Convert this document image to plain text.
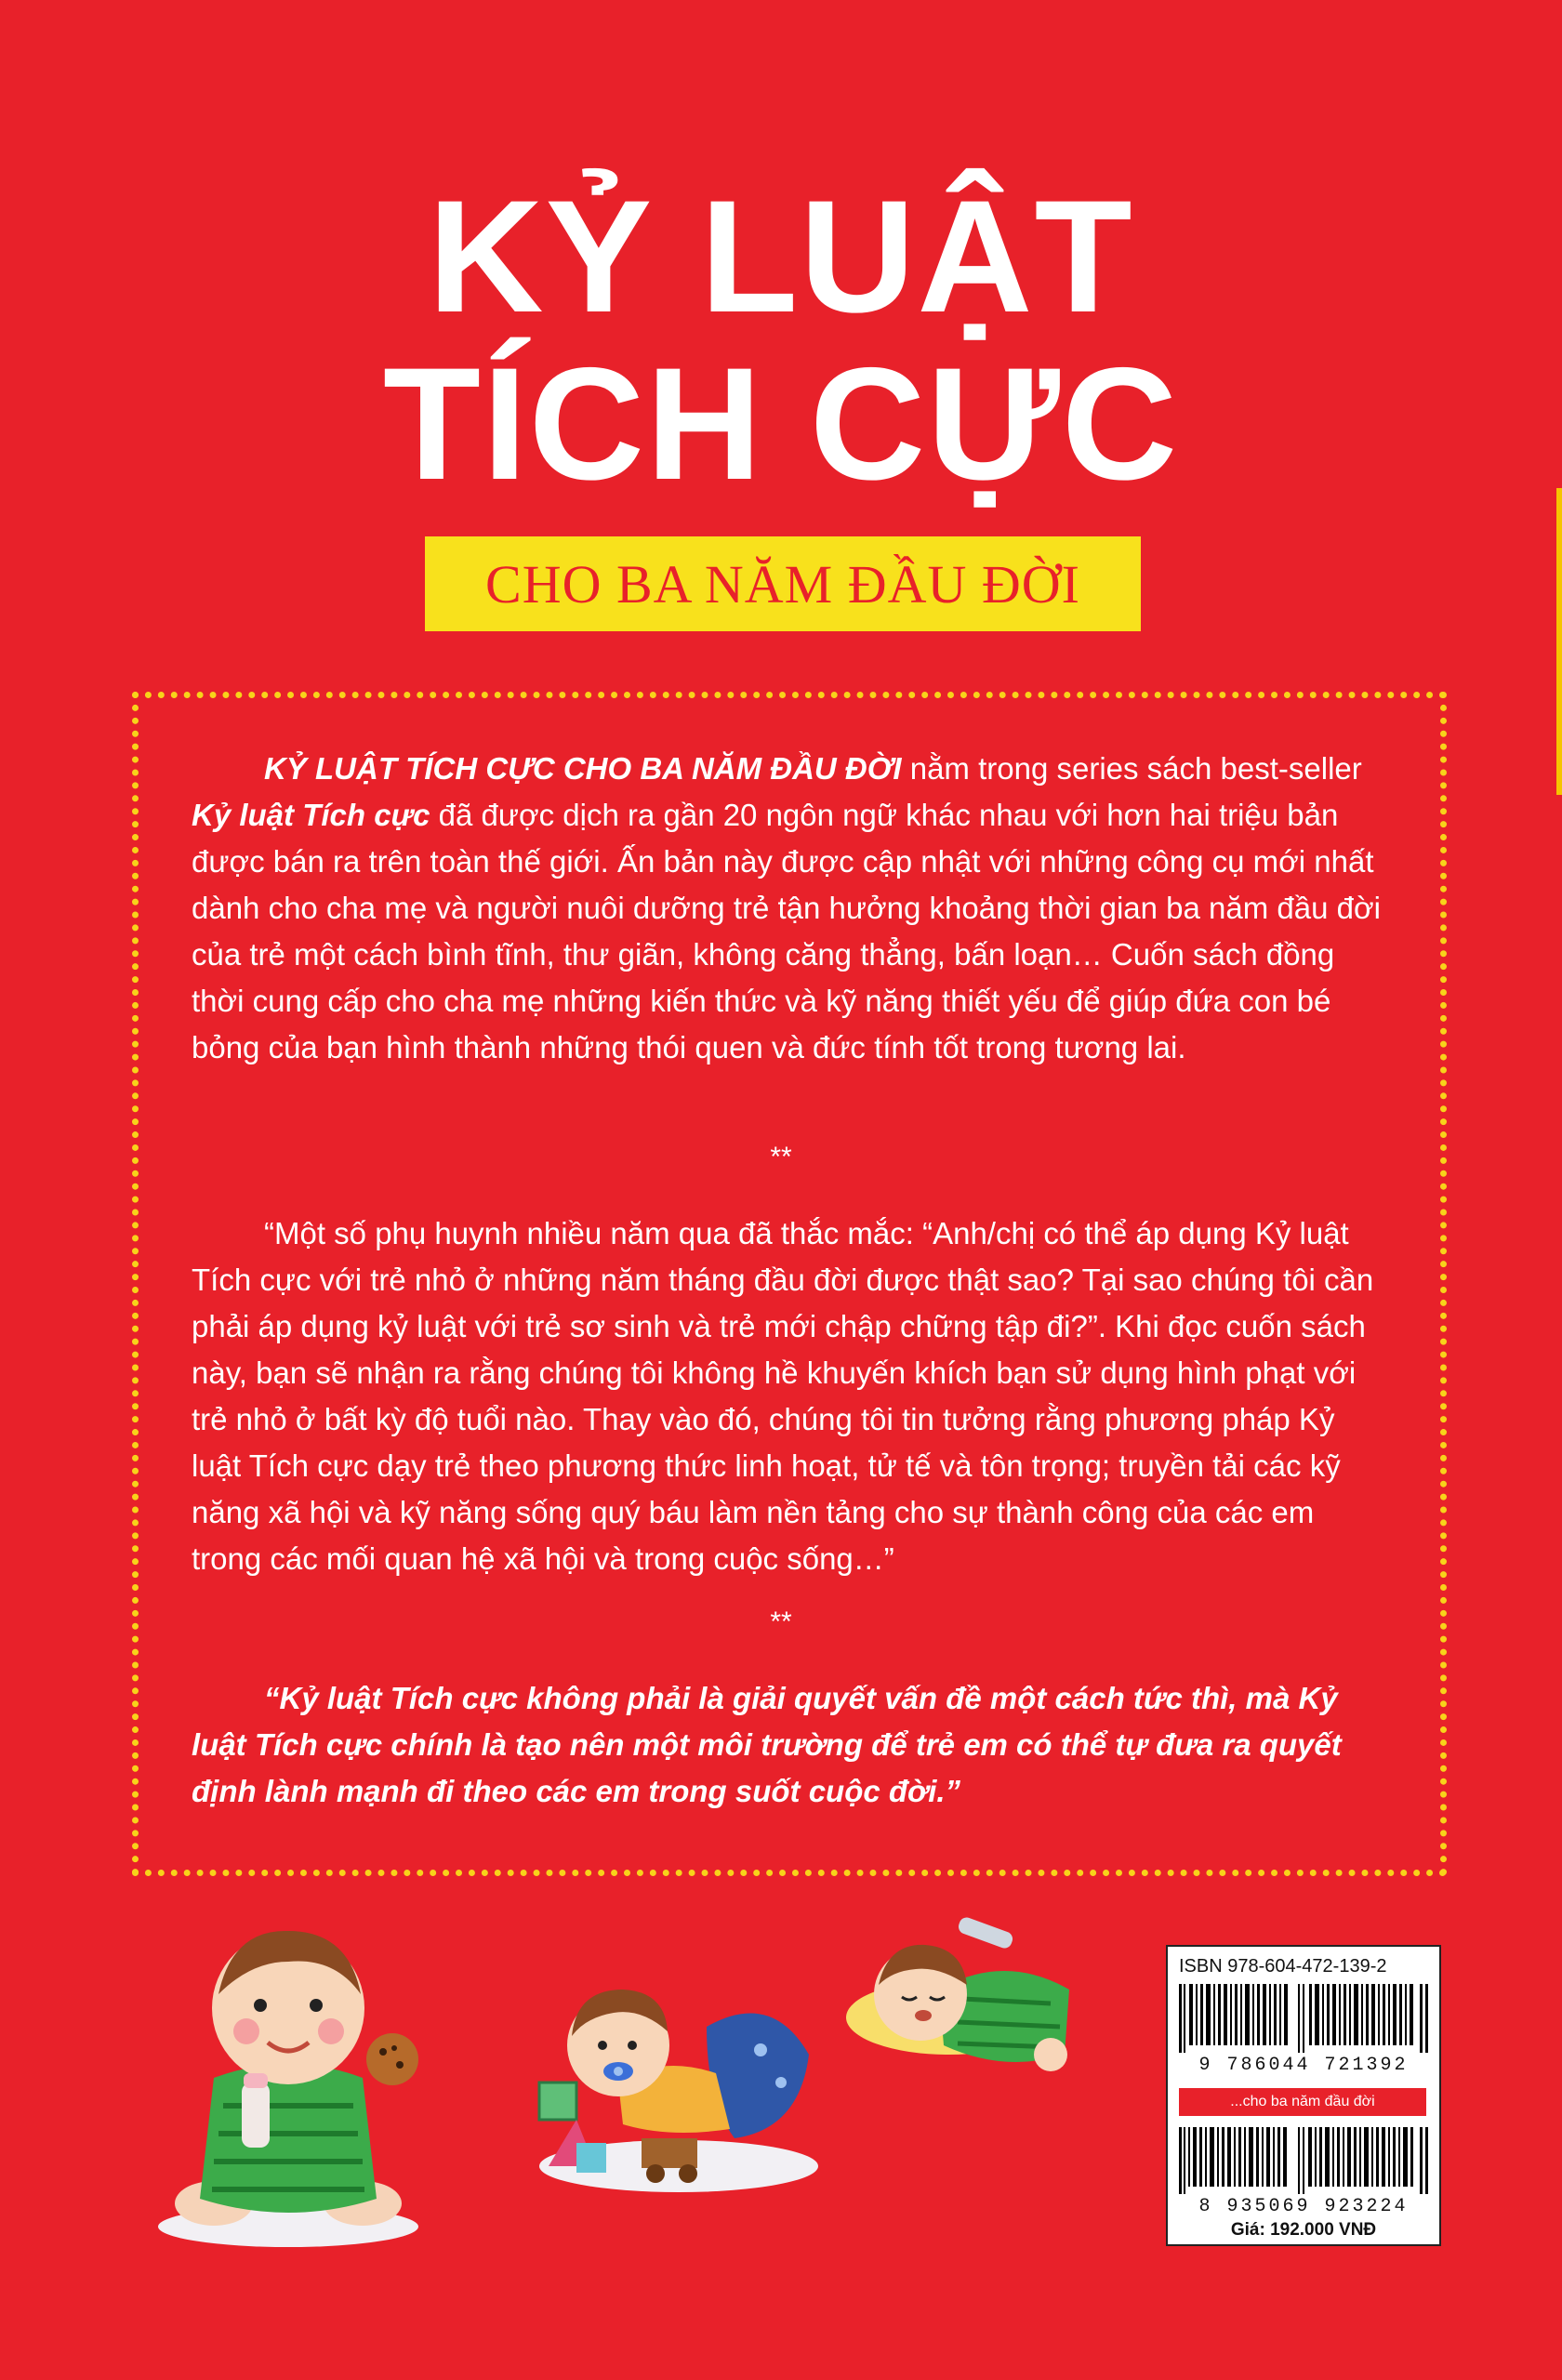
KỶ LUẬT
TÍCH CỰC
CHO BA NĂM ĐẦU ĐỜI

KỶ LUẬT TÍCH CỰC CHO BA NĂM ĐẦU ĐỜI nằm trong series sách best-seller Kỷ luật Tích cực đã được dịch ra gần 20 ngôn ngữ khác nhau với hơn hai triệu bản được bán ra trên toàn thế giới. Ấn bản này được cập nhật với những công cụ mới nhất dành cho cha mẹ và người nuôi dưỡng trẻ tận hưởng khoảng thời gian ba năm đầu đời của trẻ một cách bình tĩnh, thư giãn, không căng thẳng, bấn loạn… Cuốn sách đồng thời cung cấp cho cha mẹ những kiến thức và kỹ năng thiết yếu để giúp đứa con bé bỏng của bạn hình thành những thói quen và đức tính tốt trong tương lai.

**

“Một số phụ huynh nhiều năm qua đã thắc mắc: “Anh/chị có thể áp dụng Kỷ luật Tích cực với trẻ nhỏ ở những năm tháng đầu đời được thật sao? Tại sao chúng tôi cần phải áp dụng kỷ luật với trẻ sơ sinh và trẻ mới chập chững tập đi?”. Khi đọc cuốn sách này, bạn sẽ nhận ra rằng chúng tôi không hề khuyến khích bạn sử dụng hình phạt với trẻ nhỏ ở bất kỳ độ tuổi nào. Thay vào đó, chúng tôi tin tưởng rằng phương pháp Kỷ luật Tích cực dạy trẻ theo phương thức linh hoạt, tử tế và tôn trọng; truyền tải các kỹ năng xã hội và kỹ năng sống quý báu làm nền tảng cho sự thành công của các em trong các mối quan hệ xã hội và trong cuộc sống…”

**

“Kỷ luật Tích cực không phải là giải quyết vấn đề một cách tức thì, mà Kỷ luật Tích cực chính là tạo nên một môi trường để trẻ em có thể tự đưa ra quyết định lành mạnh đi theo các em trong suốt cuộc đời.”

ISBN 978-604-472-139-2
9 786044 721392
...cho ba năm đầu đời
8 935069 923224
Giá: 192.000 VNĐ
